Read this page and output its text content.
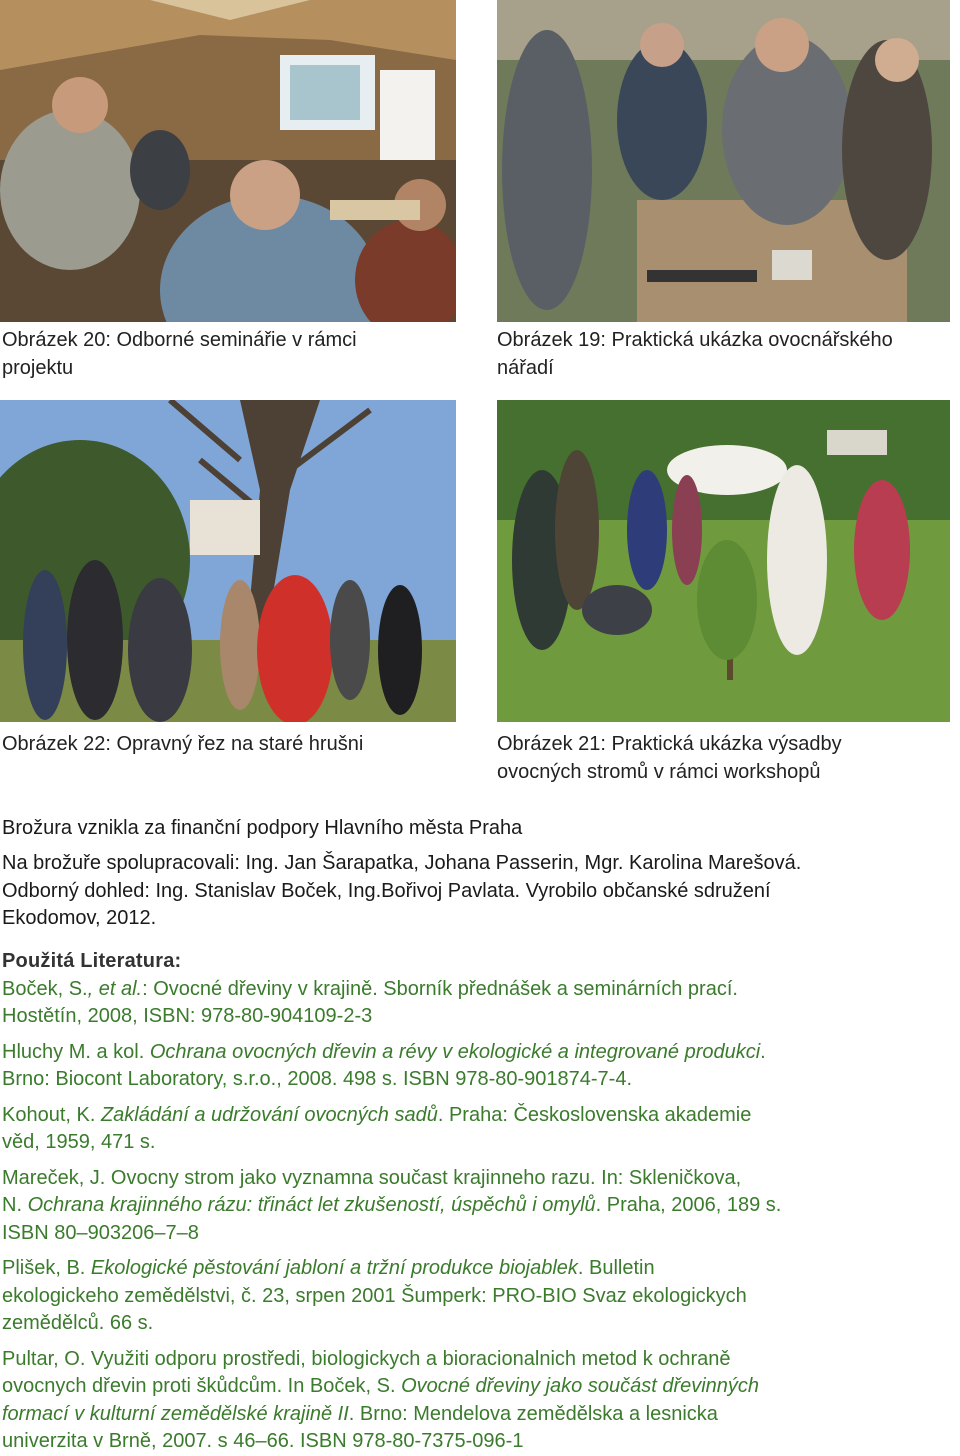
Obrázek 20: Odborné seminářie v rámci
projektu
Obrázek 19: Praktická ukázka ovocnářského
nářadí
Obrázek 22: Opravný řez na staré hrušni	Obrázek 21: Praktická ukázka výsadby
ovocných stromů v rámci workshopů
Brožura vznikla za finanční podpory Hlavního města Praha
Na brožuře spolupracovali: Ing. Jan Šarapatka, Johana Passerin, Mgr. Karolina Marešová.
Odborný dohled: Ing. Stanislav Boček, Ing.Bořivoj Pavlata. Vyrobilo občanské sdružení
Ekodomov, 2012.
Použitá Literatura:
Boček, S., et al.: Ovocné dřeviny v krajině. Sborník přednášek a seminárních prací.
Hostětín, 2008, ISBN: 978-80-904109-2-3
Hluchy M. a kol. Ochrana ovocných dřevin a révy v ekologické a integrované produkci.
Brno: Biocont Laboratory, s.r.o., 2008. 498 s. ISBN 978-80-901874-7-4.
Kohout, K. Zakládání a udržování ovocných sadů. Praha: Československa akademie
věd, 1959, 471 s.
Mareček, J. Ovocny strom jako vyznamna součast krajinneho razu. In: Skleničkova,
N. Ochrana krajinného rázu: třináct let zkušeností, úspěchů i omylů. Praha, 2006, 189 s.
ISBN 80–903206–7–8
Plišek, B. Ekologické pěstování jabloní a tržní produkce biojablek. Bulletin
ekologickeho zemědělstvi, č. 23, srpen 2001 Šumperk: PRO-BIO Svaz ekologickych
zemědělců. 66 s.
Pultar, O. Využiti odporu prostředi, biologickych a bioracionalnich metod k ochraně
ovocnych dřevin proti škůdcům. In Boček, S. Ovocné dřeviny jako součást dřevinných
formací v kulturní zemědělské krajině II. Brno: Mendelova zemědělska a lesnicka
univerzita v Brně, 2007. s 46–66. ISBN 978-80-7375-096-1
